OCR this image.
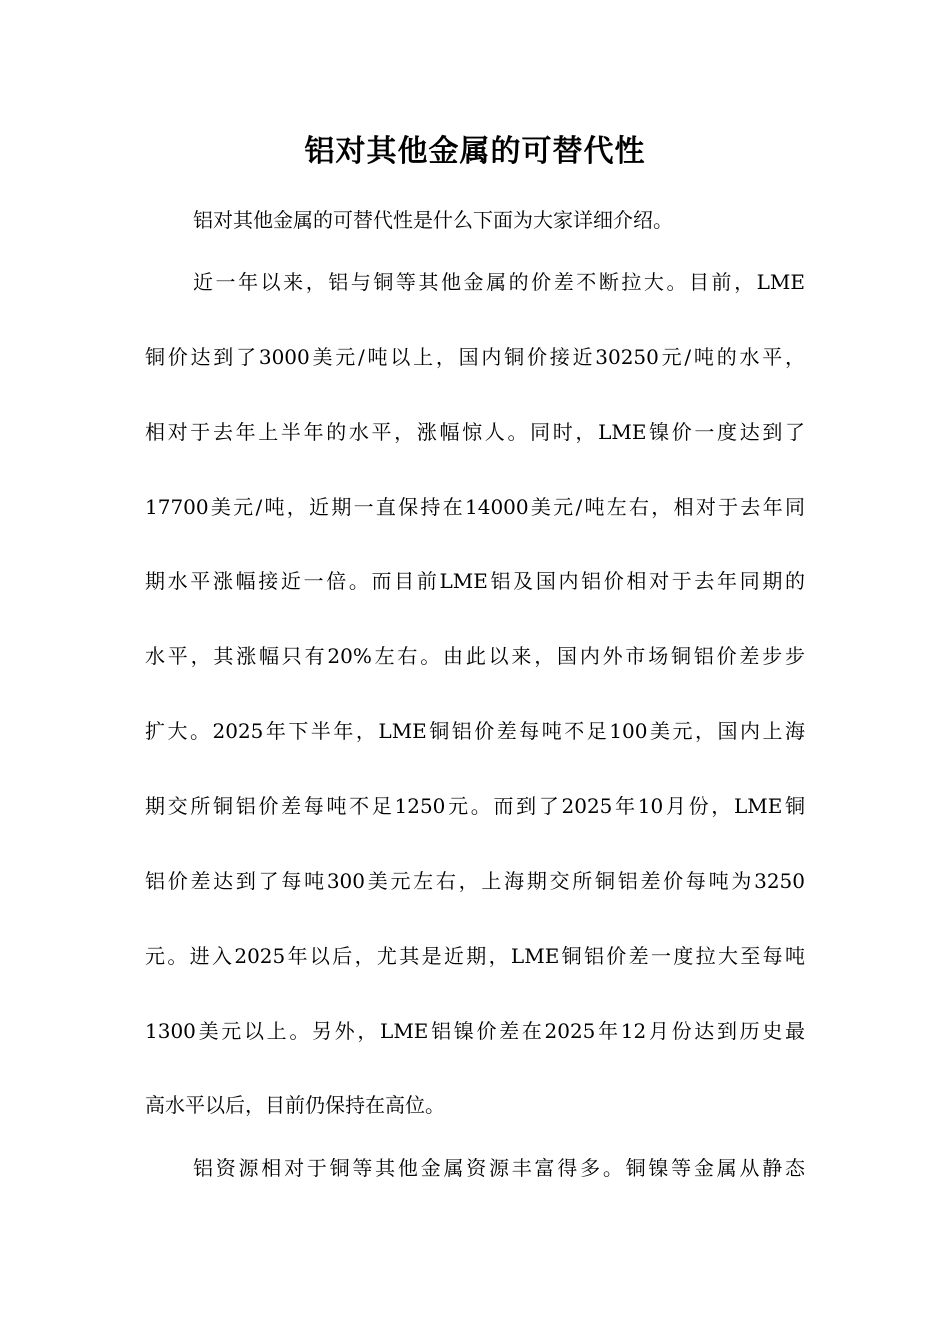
铝对其他金属的可替代性

铝对其他金属的可替代性是什么下面为大家详细介绍。

近一年以来，铝与铜等其他金属的价差不断拉大。目前，LME

铜价达到了3000美元/吨以上，国内铜价接近30250元/吨的水平，

相对于去年上半年的水平，涨幅惊人。同时，LME镍价一度达到了

17700美元/吨，近期一直保持在14000美元/吨左右，相对于去年同

期水平涨幅接近一倍。而目前LME铝及国内铝价相对于去年同期的

水平，其涨幅只有20%左右。由此以来，国内外市场铜铝价差步步

扩大。2025年下半年，LME铜铝价差每吨不足100美元，国内上海

期交所铜铝价差每吨不足1250元。而到了2025年10月份，LME铜

铝价差达到了每吨300美元左右，上海期交所铜铝差价每吨为3250

元。进入2025年以后，尤其是近期，LME铜铝价差一度拉大至每吨

1300美元以上。另外，LME铝镍价差在2025年12月份达到历史最

高水平以后，目前仍保持在高位。

铝资源相对于铜等其他金属资源丰富得多。铜镍等金属从静态
